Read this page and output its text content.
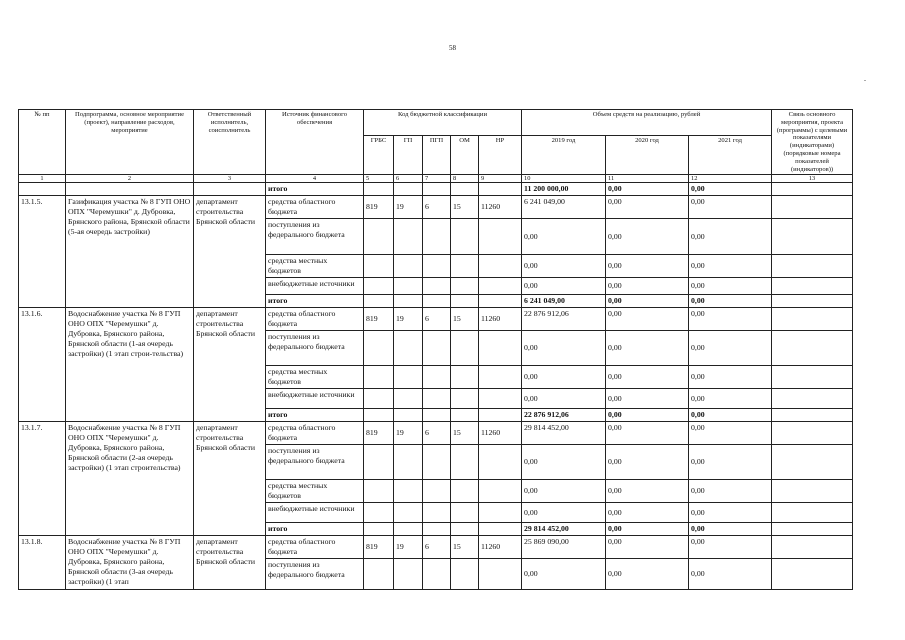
58
-
№ пп	Подпрограмма, основное мероприятие (проект), направление расходов, мероприятие	Ответственный исполнитель, соисполнитель	Источник финансового обеспечения	Код бюджетной классификации					Объем средств на реализацию, рублей			Связь основного мероприятия, проекта (программы) с целевыми показателями (индикаторами) (порядковые номера показателей (индикаторов))
				ГРБС	ГП	ПГП	ОМ	НР	2019 год	2020 год	2021 год	
1	2	3	4	5	6	7	8	9	10	11	12	13
			итого						11 200 000,00	0,00	0,00	
13.1.5.	Газификация участка № 8 ГУП ОНО ОПХ "Черемушки" д. Дубровка, Брянского района, Брянской области (5-ая очередь застройки)	департамент строительства Брянской области	средства областного бюджета	819	19	6	15	11260	6 241 049,00	0,00	0,00	
			поступления из федерального бюджета						0,00	0,00	0,00	
			средства местных бюджетов						0,00	0,00	0,00	
			внебюджетные источники						0,00	0,00	0,00	
			итого						6 241 049,00	0,00	0,00	
13.1.6.	Водоснабжение участка № 8 ГУП ОНО ОПХ "Черемушки" д. Дубровка, Брянского района, Брянской области (1-ая очередь застройки) (1 этап строи-тельства)	департамент строительства Брянской области	средства областного бюджета	819	19	6	15	11260	22 876 912,06	0,00	0,00	
			поступления из федерального бюджета						0,00	0,00	0,00	
			средства местных бюджетов						0,00	0,00	0,00	
			внебюджетные источники						0,00	0,00	0,00	
			итого						22 876 912,06	0,00	0,00	
13.1.7.	Водоснабжение участка № 8 ГУП ОНО ОПХ "Черемушки" д. Дубровка, Брянского района, Брянской области (2-ая очередь застройки) (1 этап строительства)	департамент строительства Брянской области	средства областного бюджета	819	19	6	15	11260	29 814 452,00	0,00	0,00	
			поступления из федерального бюджета						0,00	0,00	0,00	
			средства местных бюджетов						0,00	0,00	0,00	
			внебюджетные источники						0,00	0,00	0,00	
			итого						29 814 452,00	0,00	0,00	
13.1.8.	Водоснабжение участка № 8 ГУП ОНО ОПХ "Черемушки" д. Дубровка, Брянского района, Брянской области (3-ая очередь застройки) (1 этап	департамент строительства Брянской области	средства областного бюджета	819	19	6	15	11260	25 869 090,00	0,00	0,00	
			поступления из федерального бюджета						0,00	0,00	0,00	
